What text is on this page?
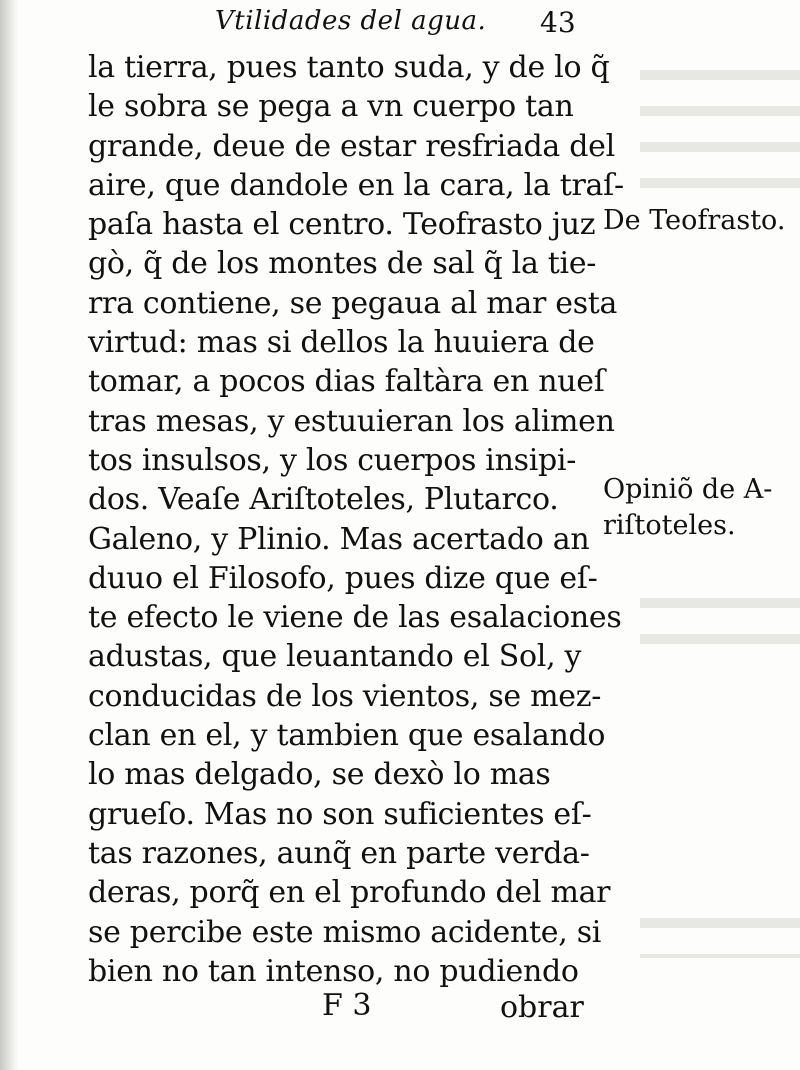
Vtilidades del agua. 43
la tierra, pues tanto suda, y de lo q̃
le sobra se pega a vn cuerpo tan
grande, deue de estar resfriada del
aire, que dandole en la cara, la traſ-
paſa hasta el centro. Teofrasto juz
gò, q̃ de los montes de sal q̃ la tie-
rra contiene, se pegaua al mar esta
virtud: mas si dellos la huuiera de
tomar, a pocos dias faltàra en nueſ
tras mesas, y estuuieran los alimen
tos insulsos, y los cuerpos insipi-
dos. Veaſe Ariſtoteles, Plutarco.
Galeno, y Plinio. Mas acertado an
duuo el Filosofo, pues dize que eſ-
te efecto le viene de las esalaciones
adustas, que leuantando el Sol, y
conducidas de los vientos, se mez-
clan en el, y tambien que esalando
lo mas delgado, se dexò lo mas
grueſo. Mas no son suficientes eſ-
tas razones, aunq̃ en parte verda-
deras, porq̃ en el profundo del mar
se percibe este mismo acidente, si
bien no tan intenso, no pudiendo
De Teofrasto.
Opiniõ de A-
riſtoteles.
F 3	obrar
